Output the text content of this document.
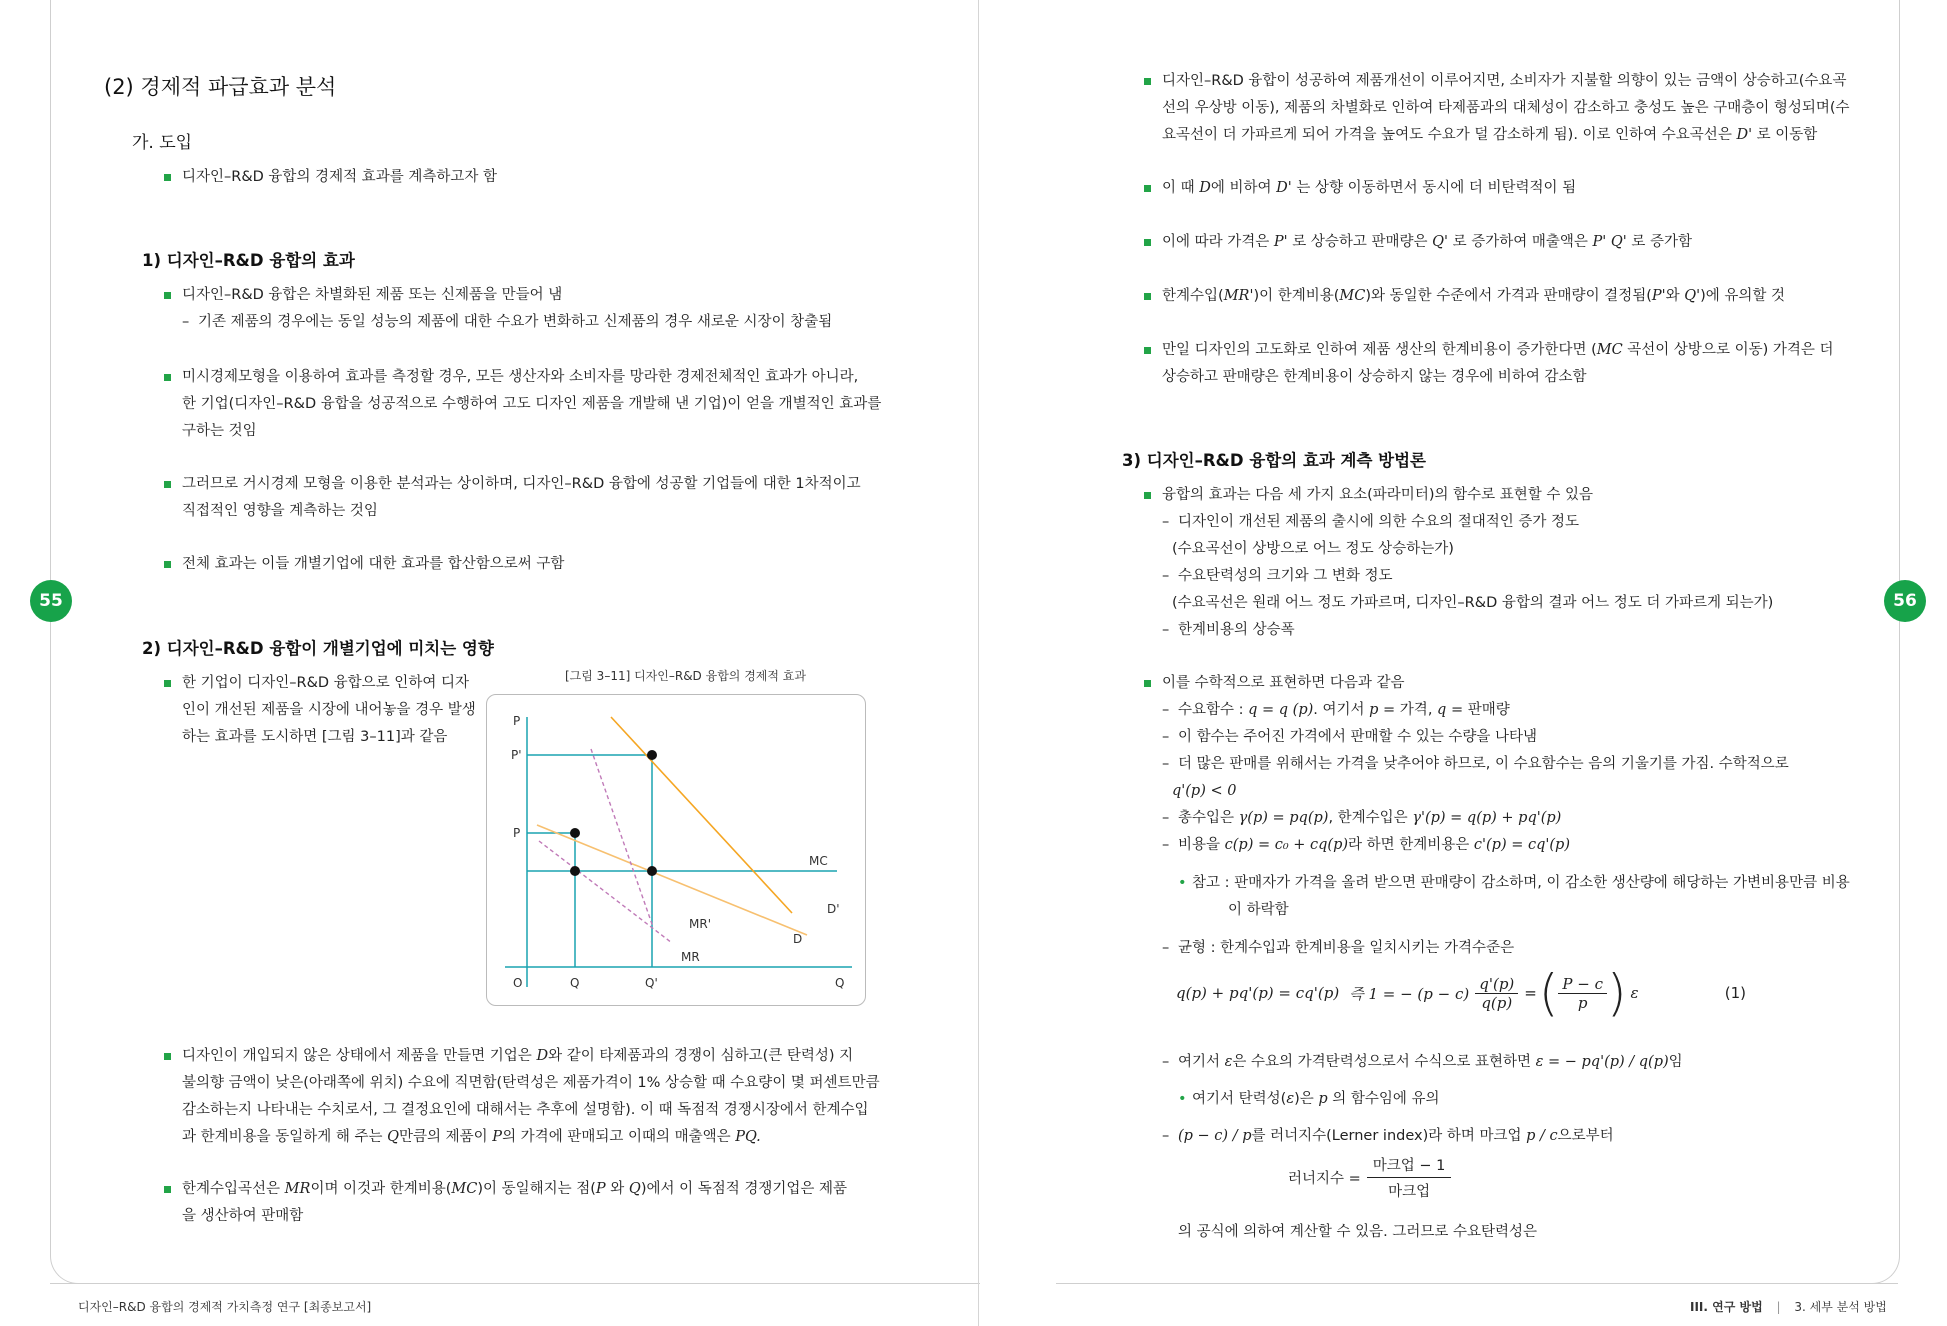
55	56
(2) 경제적 파급효과 분석
가. 도입
디자인–R&D 융합의 경제적 효과를 계측하고자 함
1) 디자인–R&D 융합의 효과
디자인–R&D 융합은 차별화된 제품 또는 신제품을 만들어 냄
– 기존 제품의 경우에는 동일 성능의 제품에 대한 수요가 변화하고 신제품의 경우 새로운 시장이 창출됨
미시경제모형을 이용하여 효과를 측정할 경우, 모든 생산자와 소비자를 망라한 경제전체적인 효과가 아니라,
한 기업(디자인–R&D 융합을 성공적으로 수행하여 고도 디자인 제품을 개발해 낸 기업)이 얻을 개별적인 효과를
구하는 것임
그러므로 거시경제 모형을 이용한 분석과는 상이하며, 디자인–R&D 융합에 성공할 기업들에 대한 1차적이고
직접적인 영향을 계측하는 것임
전체 효과는 이들 개별기업에 대한 효과를 합산함으로써 구함
2) 디자인–R&D 융합이 개별기업에 미치는 영향
한 기업이 디자인–R&D 융합으로 인하여 디자
인이 개선된 제품을 시장에 내어놓을 경우 발생
하는 효과를 도시하면 [그림 3–11]과 같음
[그림 3–11] 디자인–R&D 융합의 경제적 효과
P
P'
P
O	Q	Q'	Q
MC
D'
D
MR'
MR
디자인이 개입되지 않은 상태에서 제품을 만들면 기업은 D와 같이 타제품과의 경쟁이 심하고(큰 탄력성) 지
불의향 금액이 낮은(아래쪽에 위치) 수요에 직면함(탄력성은 제품가격이 1% 상승할 때 수요량이 몇 퍼센트만큼
감소하는지 나타내는 수치로서, 그 결정요인에 대해서는 추후에 설명함). 이 때 독점적 경쟁시장에서 한계수입
과 한계비용을 동일하게 해 주는 Q만큼의 제품이 P의 가격에 판매되고 이때의 매출액은 PQ.
한계수입곡선은 MR이며 이것과 한계비용(MC)이 동일해지는 점(P 와 Q)에서 이 독점적 경쟁기업은 제품
을 생산하여 판매함
디자인–R&D 융합의 경제적 가치측정 연구 [최종보고서]
디자인–R&D 융합이 성공하여 제품개선이 이루어지면, 소비자가 지불할 의향이 있는 금액이 상승하고(수요곡
선의 우상방 이동), 제품의 차별화로 인하여 타제품과의 대체성이 감소하고 충성도 높은 구매층이 형성되며(수
요곡선이 더 가파르게 되어 가격을 높여도 수요가 덜 감소하게 됨). 이로 인하여 수요곡선은 D' 로 이동함
이 때 D에 비하여 D' 는 상향 이동하면서 동시에 더 비탄력적이 됨
이에 따라 가격은 P' 로 상승하고 판매량은 Q' 로 증가하여 매출액은 P' Q' 로 증가함
한계수입(MR')이 한계비용(MC)와 동일한 수준에서 가격과 판매량이 결정됨(P'와 Q')에 유의할 것
만일 디자인의 고도화로 인하여 제품 생산의 한계비용이 증가한다면 (MC 곡선이 상방으로 이동) 가격은 더
상승하고 판매량은 한계비용이 상승하지 않는 경우에 비하여 감소함
3) 디자인–R&D 융합의 효과 계측 방법론
융합의 효과는 다음 세 가지 요소(파라미터)의 함수로 표현할 수 있음
– 디자인이 개선된 제품의 출시에 의한 수요의 절대적인 증가 정도
(수요곡선이 상방으로 어느 정도 상승하는가)
– 수요탄력성의 크기와 그 변화 정도
(수요곡선은 원래 어느 정도 가파르며, 디자인–R&D 융합의 결과 어느 정도 더 가파르게 되는가)
– 한계비용의 상승폭
이를 수학적으로 표현하면 다음과 같음
– 수요함수 : q = q (p). 여기서 p = 가격, q = 판매량
– 이 함수는 주어진 가격에서 판매할 수 있는 수량을 나타냄
– 더 많은 판매를 위해서는 가격을 낮추어야 하므로, 이 수요함수는 음의 기울기를 가짐. 수학적으로
q'(p) < 0
– 총수입은 γ(p) = pq(p), 한계수입은 γ'(p) = q(p) + pq'(p)
– 비용을 c(p) = c₀ + cq(p)라 하면 한계비용은 c'(p) = cq'(p)
• 참고 : 판매자가 가격을 올려 받으면 판매량이 감소하며, 이 감소한 생산량에 해당하는 가변비용만큼 비용
이 하락함
– 균형 : 한계수입과 한계비용을 일치시키는 가격수준은
q(p) + pq'(p) = cq'(p) 즉 1 = − $(p - c) \frac{q'(p)}{q(p)}$ = ( $\frac{P - c}{p}$ ) ε	(1)
– 여기서 ε은 수요의 가격탄력성으로서 수식으로 표현하면 ε = − pq'(p) / q(p)임
• 여기서 탄력성(ε)은 p 의 함수임에 유의
– (p − c) / p를 러너지수(Lerner index)라 하며 마크업 p / c으로부터
러너지수 = $\frac{\text{마크업 − 1}}{\text{마크업}}$
의 공식에 의하여 계산할 수 있음. 그러므로 수요탄력성은
III. 연구 방법 | 3. 세부 분석 방법
